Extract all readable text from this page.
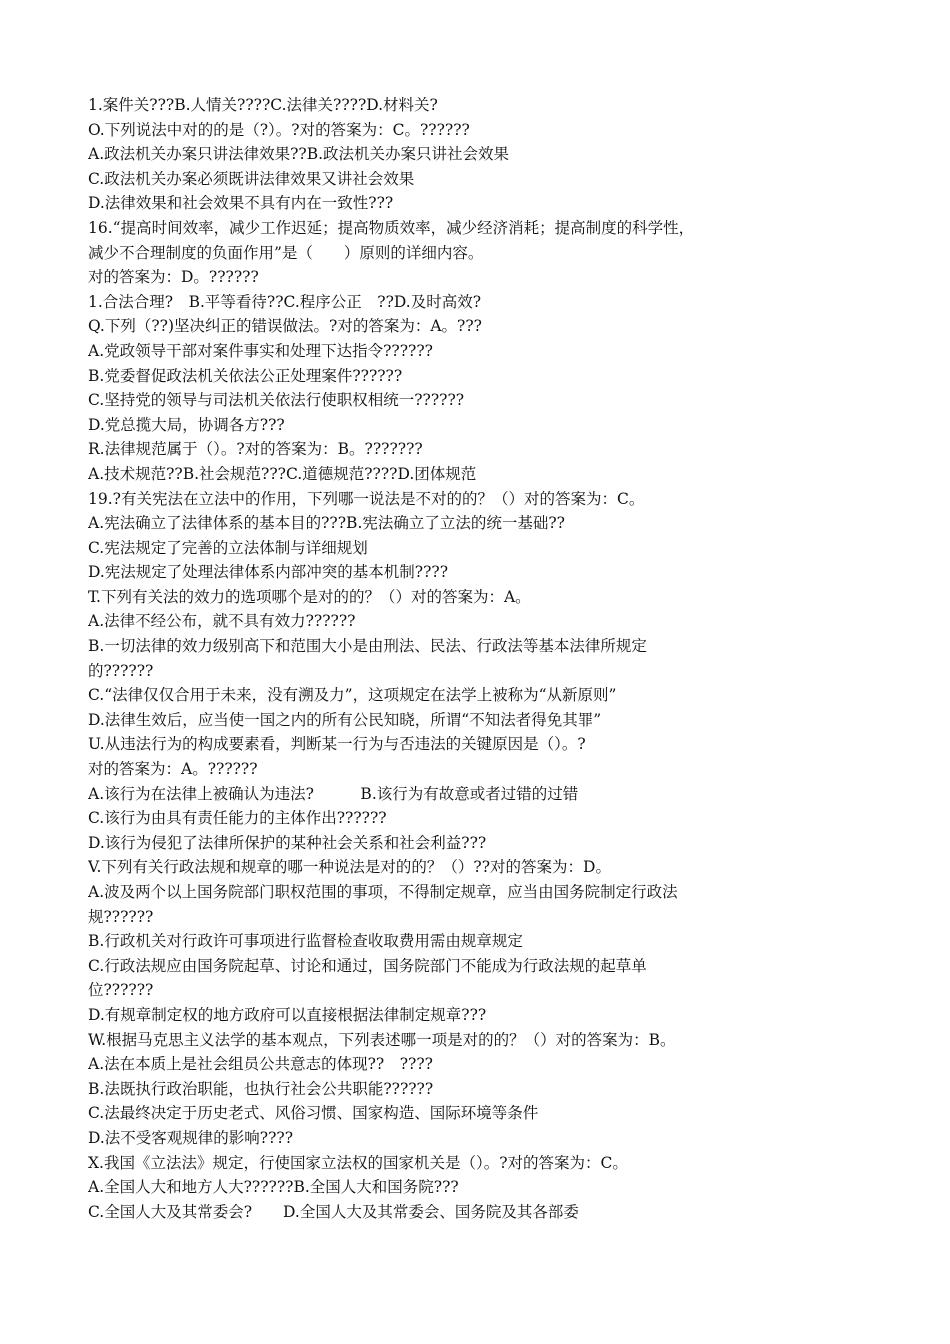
1.案件关???B.人情关????C.法律关????D.材料关?
O.下列说法中对的的是（?）。?对的答案为：C。??????
A.政法机关办案只讲法律效果??B.政法机关办案只讲社会效果
C.政法机关办案必须既讲法律效果又讲社会效果
D.法律效果和社会效果不具有内在一致性???
16.“提高时间效率，减少工作迟延；提高物质效率，减少经济消耗；提高制度的科学性，
减少不合理制度的负面作用”是（　　）原则的详细内容。
对的答案为：D。??????
1.合法合理?　B.平等看待??C.程序公正　??D.及时高效?
Q.下列（??)坚决纠正的错误做法。?对的答案为：A。???
A.党政领导干部对案件事实和处理下达指令??????
B.党委督促政法机关依法公正处理案件??????
C.坚持党的领导与司法机关依法行使职权相统一??????
D.党总揽大局，协调各方???
R.法律规范属于（）。?对的答案为：B。???????
A.技术规范??B.社会规范???C.道德规范????D.团体规范
19.?有关宪法在立法中的作用，下列哪一说法是不对的的？（）对的答案为：C。
A.宪法确立了法律体系的基本目的???B.宪法确立了立法的统一基础??
C.宪法规定了完善的立法体制与详细规划
D.宪法规定了处理法律体系内部冲突的基本机制????
T.下列有关法的效力的选项哪个是对的的？（）对的答案为：A。
A.法律不经公布，就不具有效力??????
B.一切法律的效力级别高下和范围大小是由刑法、民法、行政法等基本法律所规定
的??????
C.“法律仅仅合用于未来，没有溯及力”，这项规定在法学上被称为“从新原则”
D.法律生效后，应当使一国之内的所有公民知晓，所谓“不知法者得免其罪”
U.从违法行为的构成要素看，判断某一行为与否违法的关键原因是（）。?
对的答案为：A。??????
A.该行为在法律上被确认为违法?　　　B.该行为有故意或者过错的过错
C.该行为由具有责任能力的主体作出??????
D.该行为侵犯了法律所保护的某种社会关系和社会利益???
V.下列有关行政法规和规章的哪一种说法是对的的？（）??对的答案为：D。
A.波及两个以上国务院部门职权范围的事项，不得制定规章，应当由国务院制定行政法
规??????
B.行政机关对行政许可事项进行监督检查收取费用需由规章规定
C.行政法规应由国务院起草、讨论和通过，国务院部门不能成为行政法规的起草单
位??????
D.有规章制定权的地方政府可以直接根据法律制定规章???
W.根据马克思主义法学的基本观点，下列表述哪一项是对的的？（）对的答案为：B。
A.法在本质上是社会组员公共意志的体现??　????
B.法既执行政治职能，也执行社会公共职能??????
C.法最终决定于历史老式、风俗习惯、国家构造、国际环境等条件
D.法不受客观规律的影响????
X.我国《立法法》规定，行使国家立法权的国家机关是（）。?对的答案为：C。
A.全国人大和地方人大??????B.全国人大和国务院???
C.全国人大及其常委会?　　D.全国人大及其常委会、国务院及其各部委
